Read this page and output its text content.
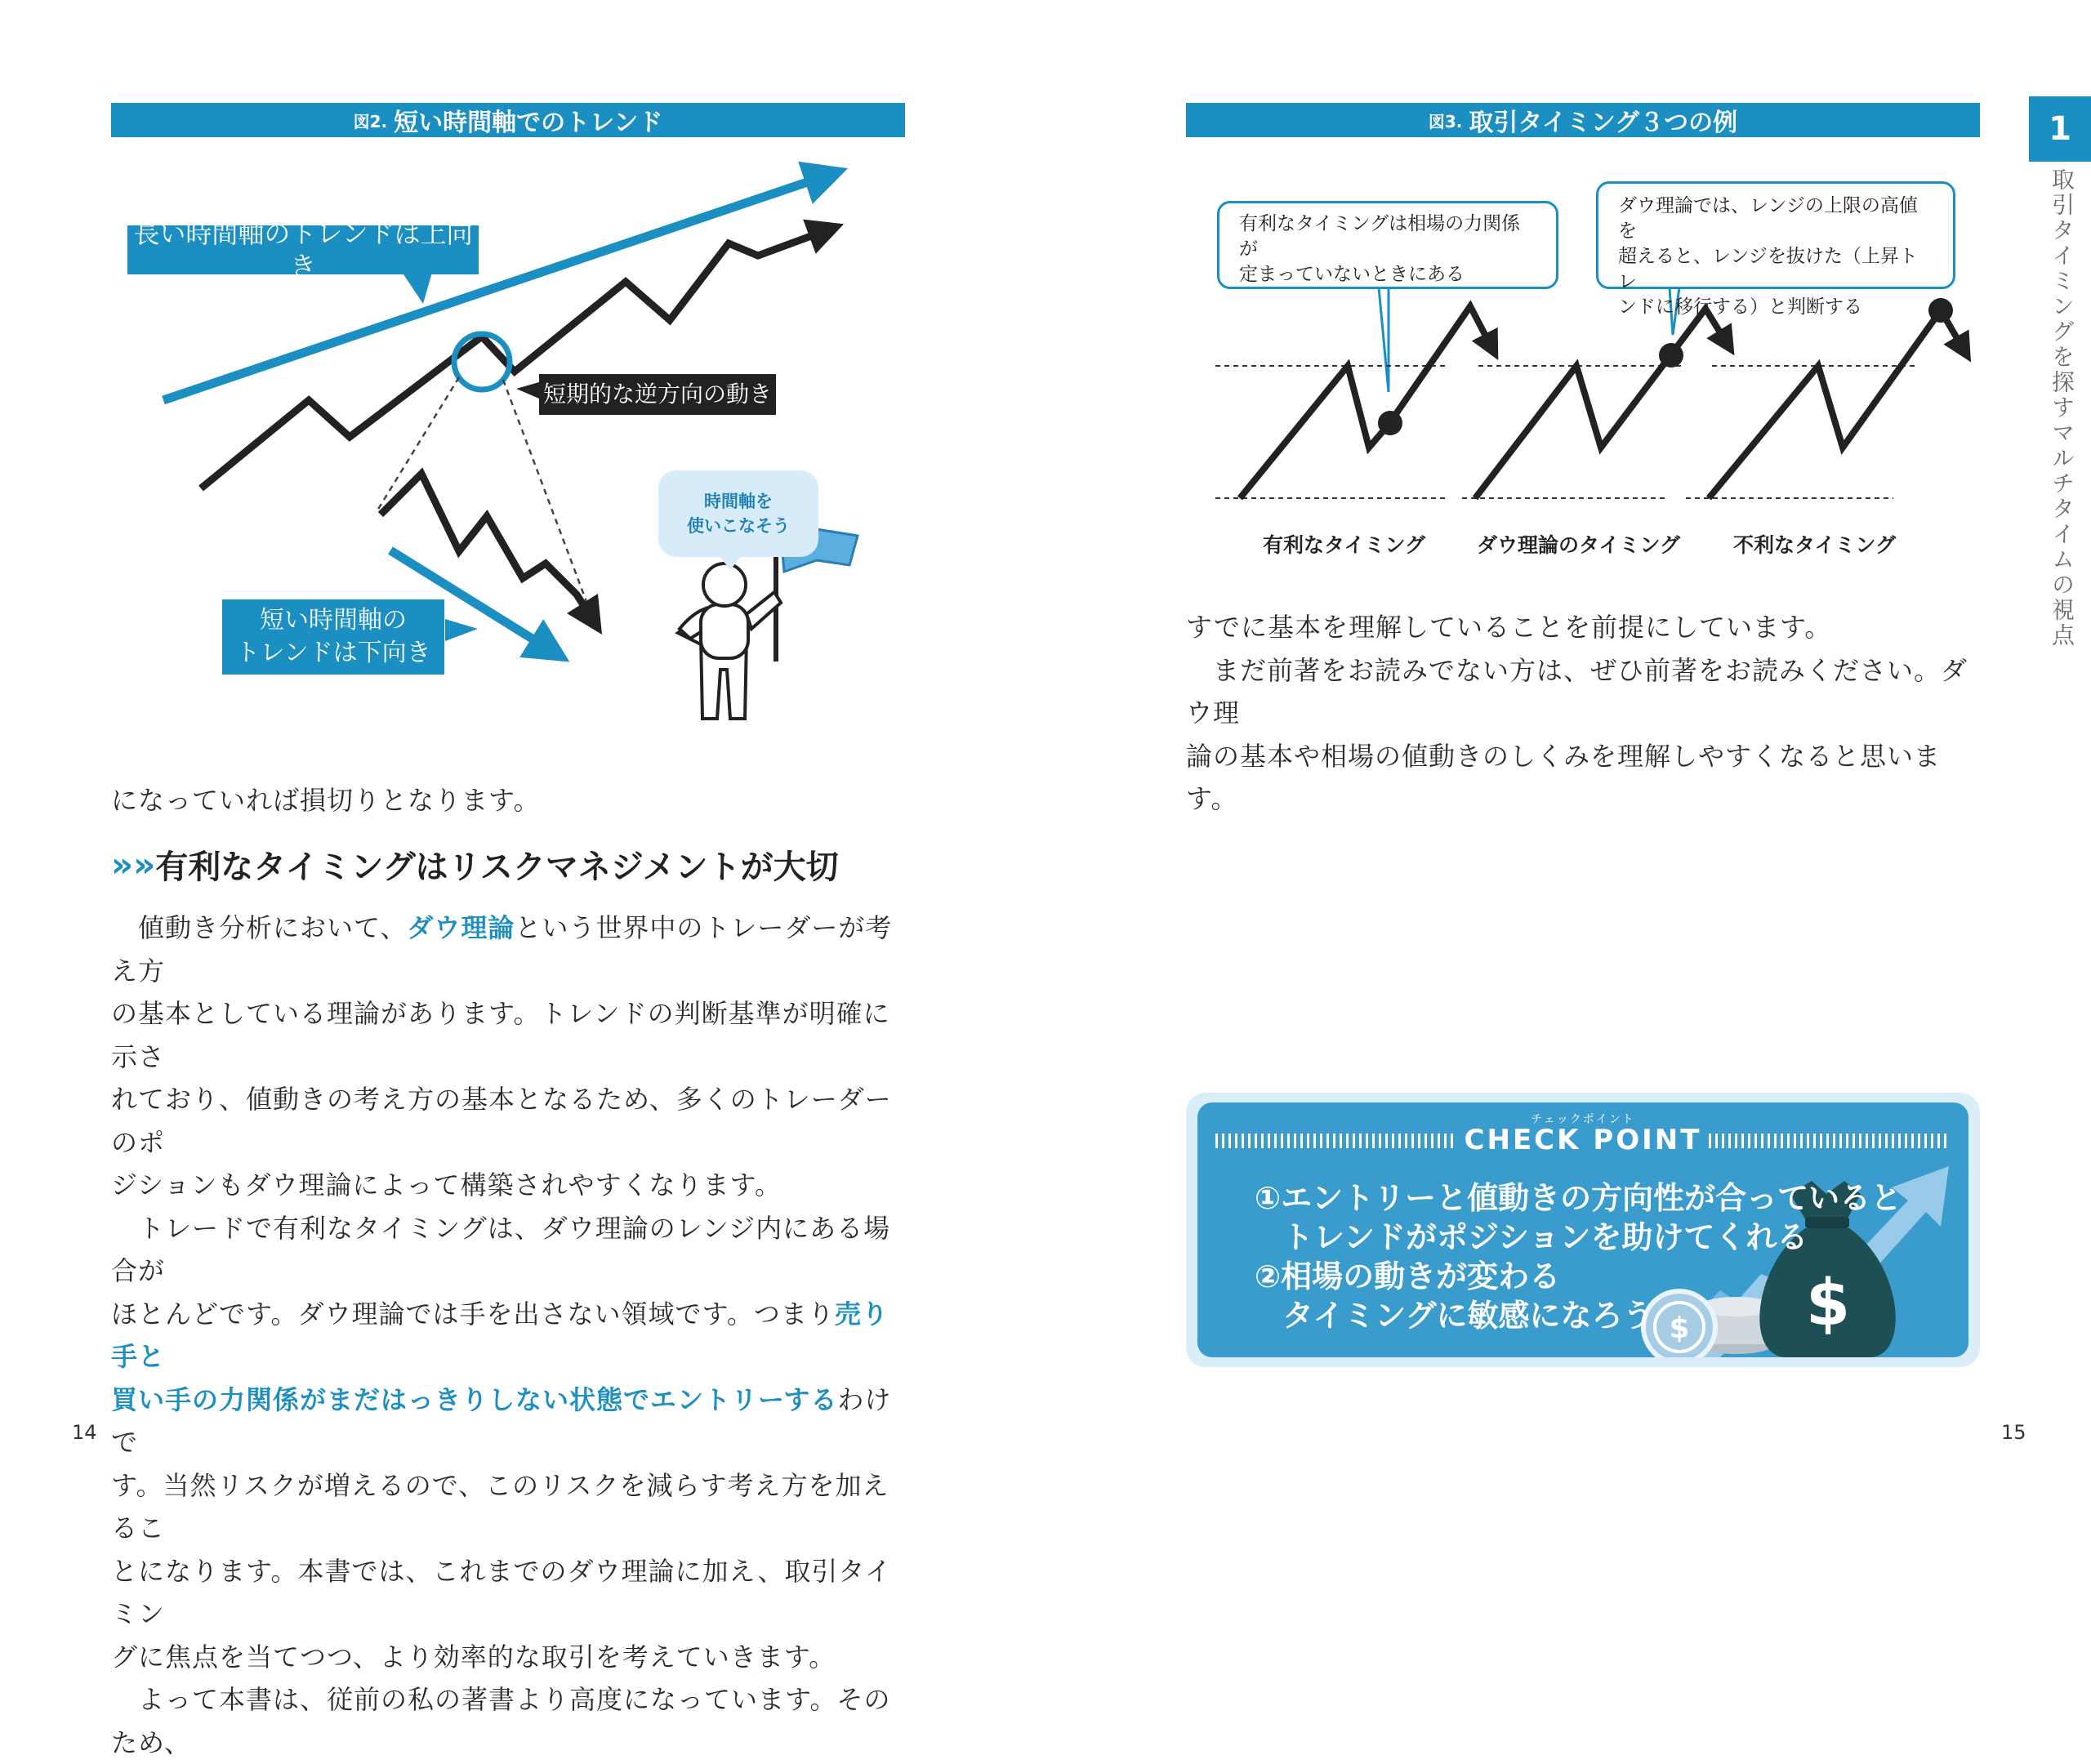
図2. 短い時間軸でのトレンド
長い時間軸のトレンドは上向き
短期的な逆方向の動き
短い時間軸の
トレンドは下向き
時間軸を
使いこなそう

になっていれば損切りとなります。

» » 有利なタイミングはリスクマネジメントが大切

　値動き分析において、ダウ理論という世界中のトレーダーが考え方

の基本としている理論があります。トレンドの判断基準が明確に示さ

れており、値動きの考え方の基本となるため、多くのトレーダーのポ

ジションもダウ理論によって構築されやすくなります。

　トレードで有利なタイミングは、ダウ理論のレンジ内にある場合が

ほとんどです。ダウ理論では手を出さない領域です。つまり売り手と

買い手の力関係がまだはっきりしない状態でエントリーするわけで

す。当然リスクが増えるので、このリスクを減らす考え方を加えるこ

とになります。本書では、これまでのダウ理論に加え、取引タイミン

グに焦点を当てつつ、より効率的な取引を考えていきます。

　よって本書は、従前の私の著書より高度になっています。そのため、

14
図3. 取引タイミング３つの例
有利なタイミングは相場の力関係が
定まっていないときにある
ダウ理論では、レンジの上限の高値を
超えると、レンジを抜けた（上昇トレ
ンドに移行する）と判断する
有利なタイミング	ダウ理論のタイミング	不利なタイミング

すでに基本を理解していることを前提にしています。

　まだ前著をお読みでない方は、ぜひ前著をお読みください。ダウ理

論の基本や相場の値動きのしくみを理解しやすくなると思います。

1
取引タイミングを探すマルチタイムの視点
$ $
チェックポイント
CHECK POINT
①エントリーと値動きの方向性が合っていると
トレンドがポジションを助けてくれる
②相場の動きが変わる
タイミングに敏感になろう
15
